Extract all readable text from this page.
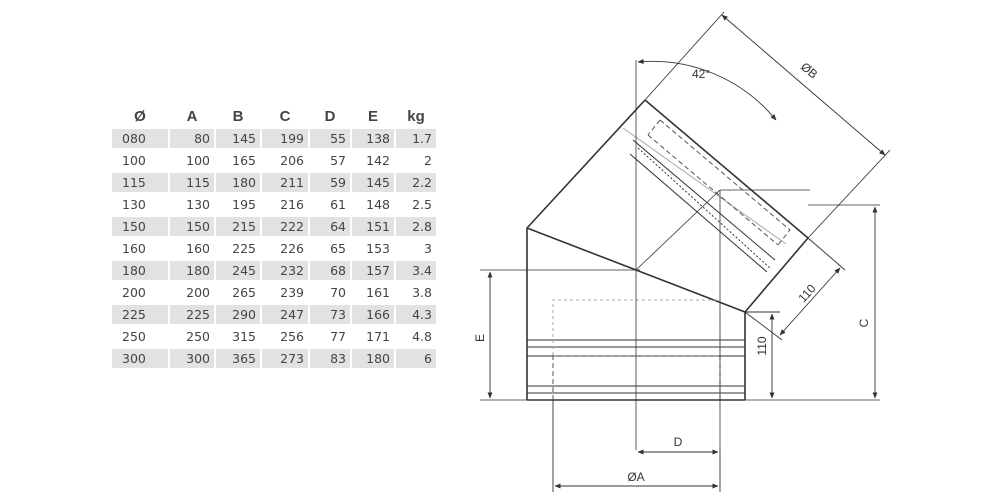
Ø	A	B	C	D	E	kg
080	80	145	199	55	138	1.7
100	100	165	206	57	142	2
115	115	180	211	59	145	2.2
130	130	195	216	61	148	2.5
150	150	215	222	64	151	2.8
160	160	225	226	65	153	3
180	180	245	232	68	157	3.4
200	200	265	239	70	161	3.8
225	225	290	247	73	166	4.3
250	250	315	256	77	171	4.8
300	300	365	273	83	180	6
ØB
42°
C
110
110
E
D
ØA
